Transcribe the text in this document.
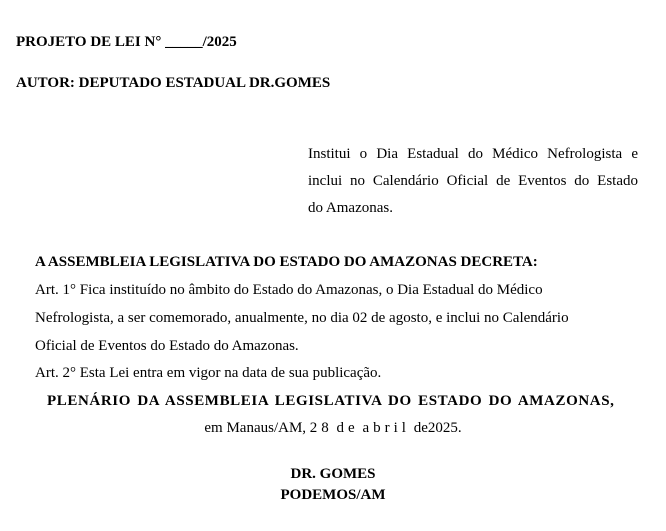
PROJETO DE LEI N° _____/2025
AUTOR: DEPUTADO ESTADUAL DR.GOMES
Institui o Dia Estadual do Médico Nefrologista e
inclui no Calendário Oficial de Eventos do Estado
do Amazonas.
A ASSEMBLEIA LEGISLATIVA DO ESTADO DO AMAZONAS DECRETA:
Art. 1° Fica instituído no âmbito do Estado do Amazonas, o Dia Estadual do Médico
Nefrologista, a ser comemorado, anualmente, no dia 02 de agosto, e inclui no Calendário
Oficial de Eventos do Estado do Amazonas.
Art. 2° Esta Lei entra em vigor na data de sua publicação.
PLENÁRIO DA ASSEMBLEIA LEGISLATIVA DO ESTADO DO AMAZONAS,
em Manaus/AM, 28 de abril de2025.
DR. GOMES
PODEMOS/AM
